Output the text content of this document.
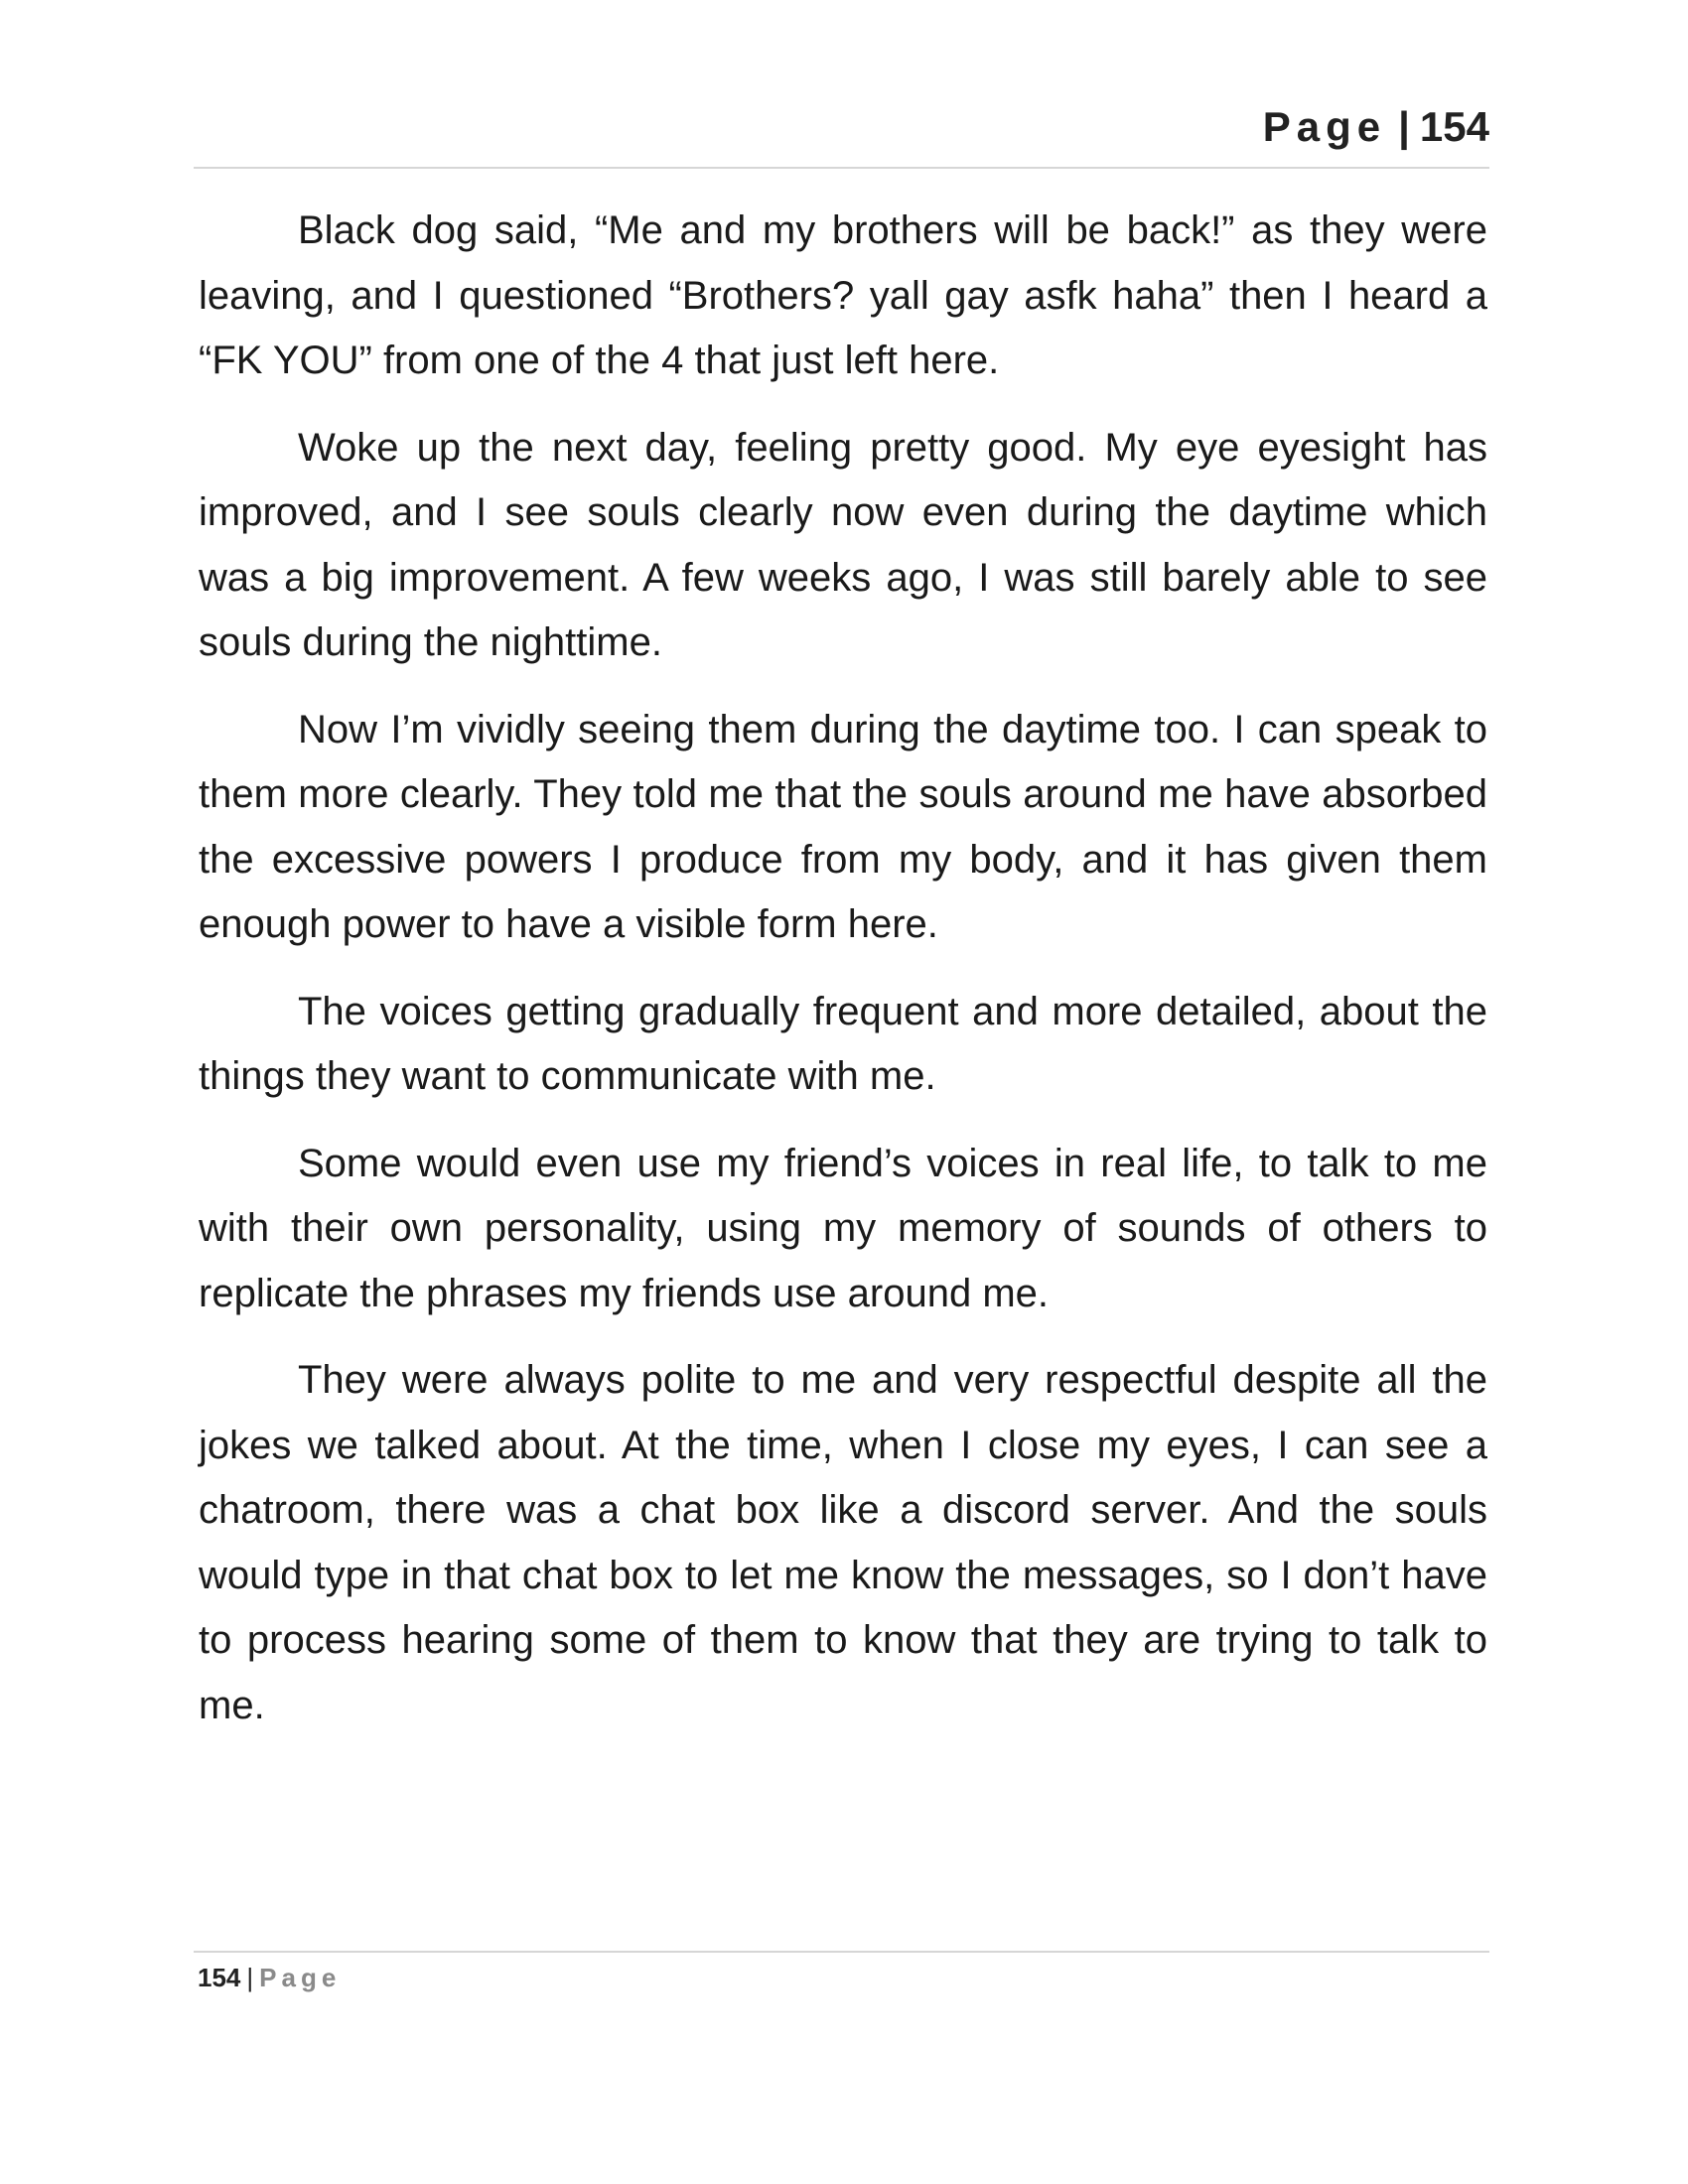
Page | 154

Black dog said, “Me and my brothers will be back!” as they were leaving, and I questioned “Brothers? yall gay asfk haha” then I heard a “FK YOU” from one of the 4 that just left here.

Woke up the next day, feeling pretty good. My eye eyesight has improved, and I see souls clearly now even during the daytime which was a big improvement. A few weeks ago, I was still barely able to see souls during the nighttime.

Now I’m vividly seeing them during the daytime too. I can speak to them more clearly. They told me that the souls around me have absorbed the excessive powers I produce from my body, and it has given them enough power to have a visible form here.

The voices getting gradually frequent and more detailed, about the things they want to communicate with me.

Some would even use my friend’s voices in real life, to talk to me with their own personality, using my memory of sounds of others to replicate the phrases my friends use around me.

They were always polite to me and very respectful despite all the jokes we talked about. At the time, when I close my eyes, I can see a chatroom, there was a chat box like a discord server. And the souls would type in that chat box to let me know the messages, so I don’t have to process hearing some of them to know that they are trying to talk to me.

154 | Page
